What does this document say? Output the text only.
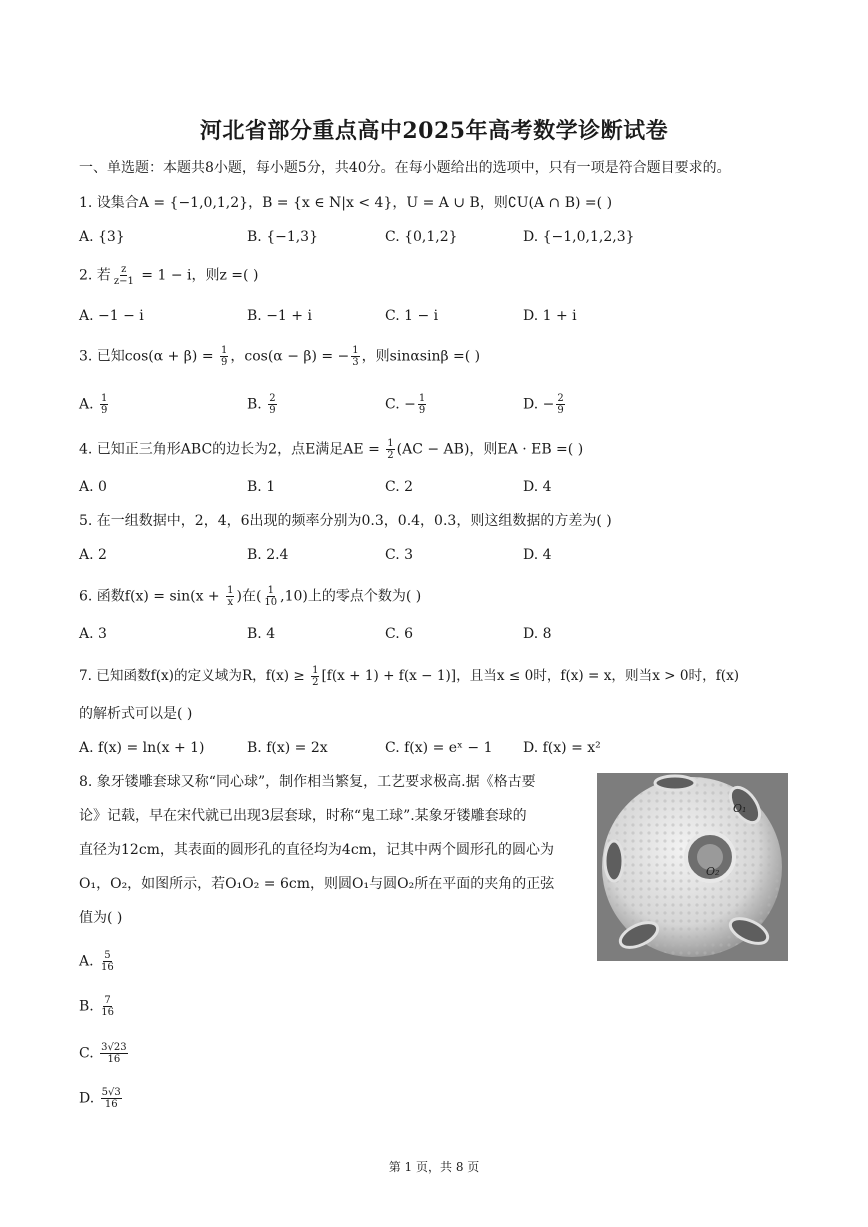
河北省部分重点高中2025年高考数学诊断试卷
一、单选题：本题共8小题，每小题5分，共40分。在每小题给出的选项中，只有一项是符合题目要求的。
1. 设集合A = {−1,0,1,2}，B = {x ∈ N|x < 4}，U = A ∪ B，则∁U(A ∩ B) =( )
A. {3}	B. {−1,3}	C. {0,1,2}	D. {−1,0,1,2,3}
2. 若 $\frac{z}{z-1} = 1 - i$，则z =( )
A. −1 − i	B. −1 + i	C. 1 − i	D. 1 + i
3. 已知$\cos(\alpha + \beta) = \frac{1}{9}$ ，cos(α − β) = − $\frac{1}{3}$ ，则sinαsinβ =( )
A. $\frac{1}{9}$	B. $\frac{2}{9}$	C. − $\frac{1}{9}$	D. − $\frac{2}{9}$
4. 已知正三角形ABC的边长为2，点E满足AE = $\frac{1}{2} (AC - AB)$，则EA · EB =( )
A. 0	B. 1	C. 2	D. 4
5. 在一组数据中，2，4，6出现的频率分别为0.3，0.4，0.3，则这组数据的方差为( )
A. 2	B. 2.4	C. 3	D. 4
6. 函数$f(x) = \sin(x + \frac{1}{x}$ )在( $\frac{1}{10} ,10$)上的零点个数为( )
A. 3	B. 4	C. 6	D. 8
7. 已知函数f(x)的定义域为R，$f(x) \ge \frac{1}{2} [f(x + 1) + f(x - 1)]$，且当x ≤ 0时，f(x) = x，则当x > 0时，f(x)
的解析式可以是( )
A. f(x) = ln(x + 1)	B. f(x) = 2x	C. f(x) = eˣ − 1 D. f(x) = x²
8. 象牙镂雕套球又称“同心球”，制作相当繁复，工艺要求极高.据《格古要
论》记载，早在宋代就已出现3层套球，时称“鬼工球”.某象牙镂雕套球的
直径为12cm，其表面的圆形孔的直径均为4cm，记其中两个圆形孔的圆心为
O₁，O₂，如图所示，若O₁O₂ = 6cm，则圆O₁与圆O₂所在平面的夹角的正弦
值为( )
A. $\frac{5}{16}$
B. $\frac{7}{16}$
C. $\frac{3√23}{16}$
D. $\frac{5√3}{16}$
O₁
O₂
第 1 页，共 8 页
